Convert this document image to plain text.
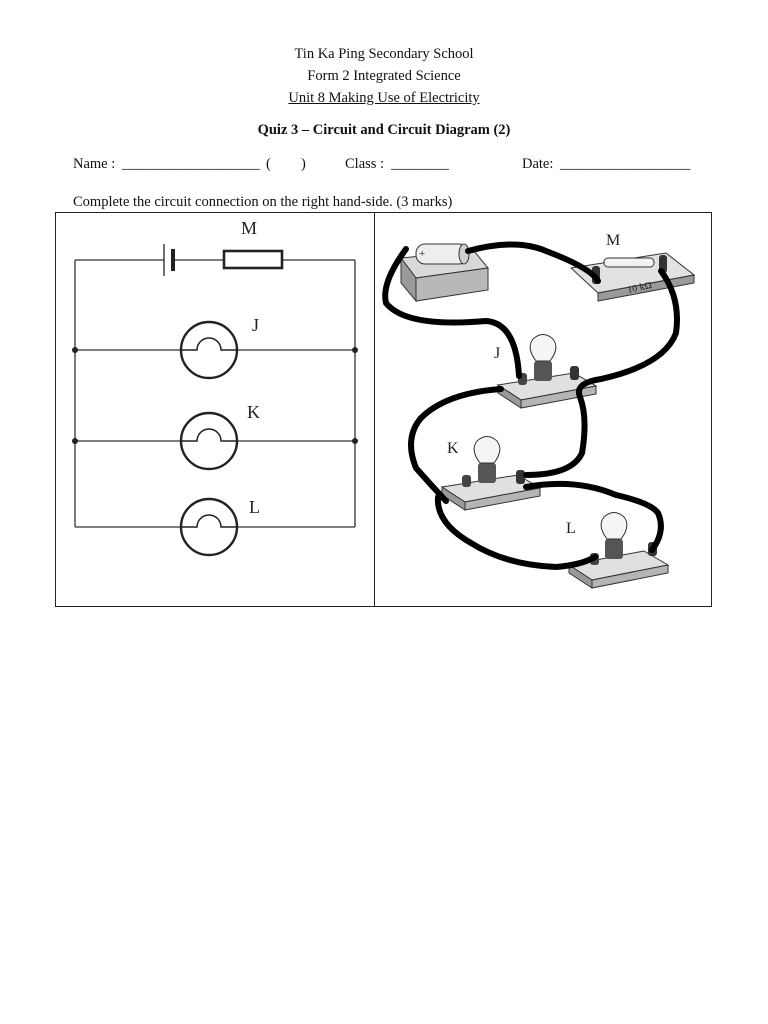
Tin Ka Ping Secondary School
Form 2 Integrated Science
Unit 8 Making Use of Electricity
Quiz 3 – Circuit and Circuit Diagram (2)
Name : ___________________ ( )	Class : ________	Date: __________________
Complete the circuit connection on the right hand-side. (3 marks)
M
J
K
L
+
10 kΩ
M
J
K
L
